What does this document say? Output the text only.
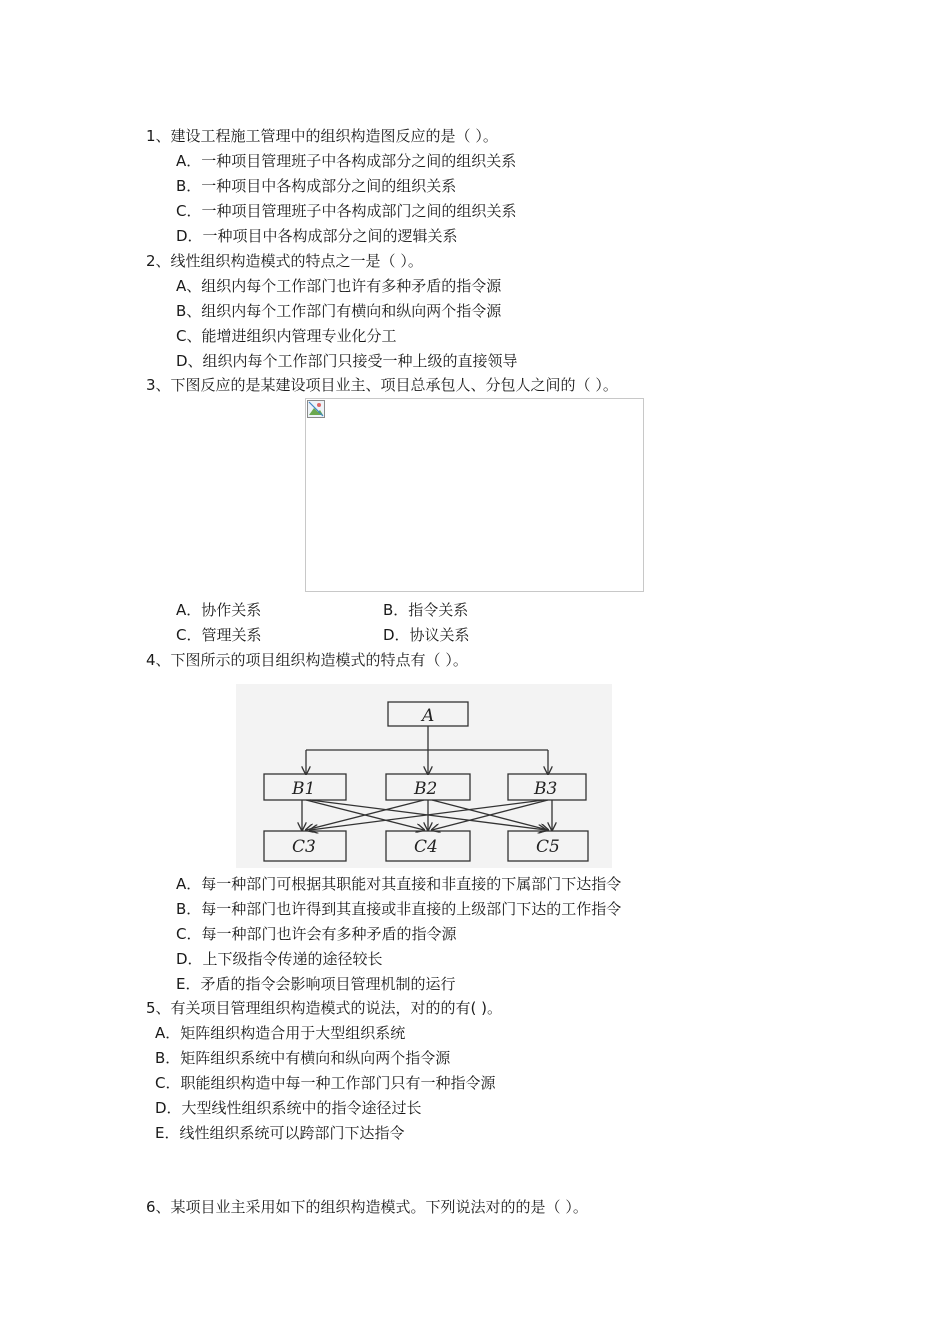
1、建设工程施工管理中的组织构造图反应的是（ ）。
A．一种项目管理班子中各构成部分之间的组织关系
B．一种项目中各构成部分之间的组织关系
C．一种项目管理班子中各构成部门之间的组织关系
D．一种项目中各构成部分之间的逻辑关系
2、线性组织构造模式的特点之一是（ ）。
A、组织内每个工作部门也许有多种矛盾的指令源
B、组织内每个工作部门有横向和纵向两个指令源
C、能增进组织内管理专业化分工
D、组织内每个工作部门只接受一种上级的直接领导
3、下图反应的是某建设项目业主、项目总承包人、分包人之间的（ ）。
A．协作关系	B．指令关系
C．管理关系	D．协议关系
4、下图所示的项目组织构造模式的特点有（ ）。
A
B1	B2	B3
C3	C4	C5
A．每一种部门可根据其职能对其直接和非直接的下属部门下达指令
B．每一种部门也许得到其直接或非直接的上级部门下达的工作指令
C．每一种部门也许会有多种矛盾的指令源
D．上下级指令传递的途径较长
E．矛盾的指令会影响项目管理机制的运行
5、有关项目管理组织构造模式的说法，对的的有( )。
A．矩阵组织构造合用于大型组织系统
B．矩阵组织系统中有横向和纵向两个指令源
C．职能组织构造中每一种工作部门只有一种指令源
D．大型线性组织系统中的指令途径过长
E．线性组织系统可以跨部门下达指令
6、某项目业主采用如下的组织构造模式。下列说法对的的是（ ）。
